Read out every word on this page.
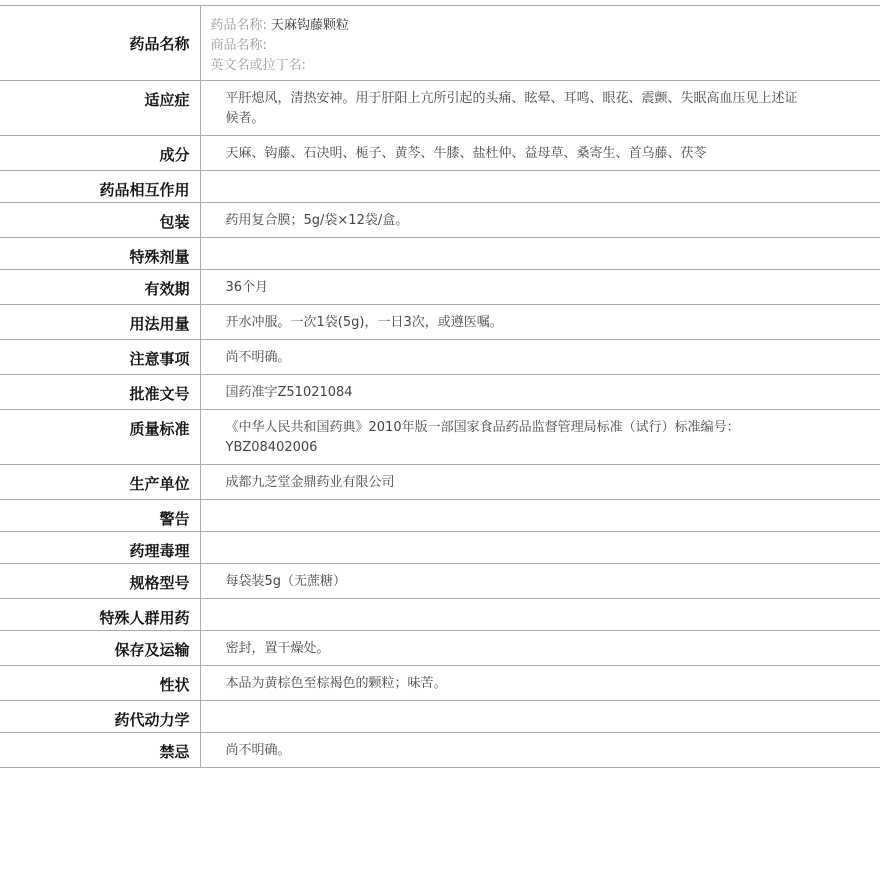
药品名称	药品名称: 天麻钩藤颗粒
商品名称:
英文名或拉丁名:

适应症	平肝熄风，清热安神。用于肝阳上亢所引起的头痛、眩晕、耳鸣、眼花、震颤、失眠高血压见上述证候者。
成分	天麻、钩藤、石决明、栀子、黄芩、牛膝、盐杜仲、益母草、桑寄生、首乌藤、茯苓
药品相互作用	
包装	药用复合膜；5g/袋×12袋/盒。
特殊剂量	
有效期	36个月
用法用量	开水冲服。一次1袋(5g)，一日3次，或遵医嘱。
注意事项	尚不明确。
批准文号	国药准字Z51021084
质量标准	《中华人民共和国药典》2010年版一部国家食品药品监督管理局标准（试行）标准编号：YBZ08402006
生产单位	成都九芝堂金鼎药业有限公司
警告	
药理毒理	
规格型号	每袋装5g（无蔗糖）
特殊人群用药	
保存及运输	密封，置干燥处。
性状	本品为黄棕色至棕褐色的颗粒；味苦。
药代动力学	
禁忌	尚不明确。
